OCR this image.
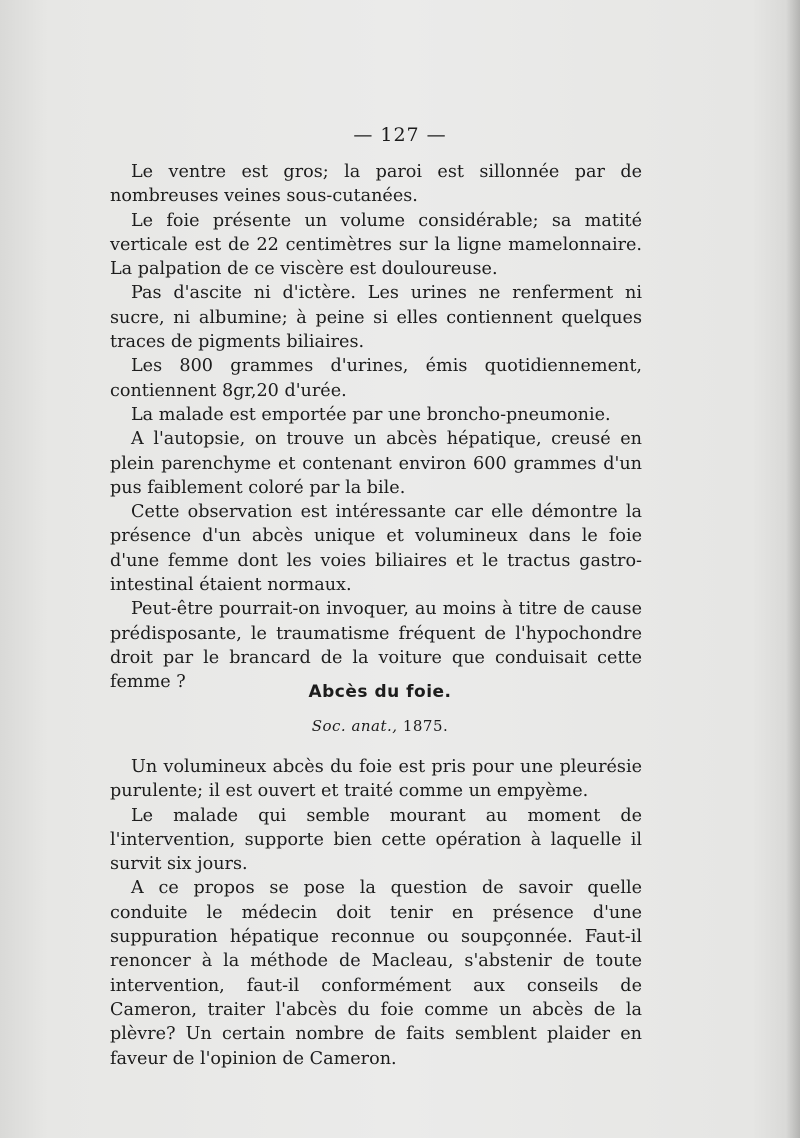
— 127 —

Le ventre est gros; la paroi est sillonnée par de nombreuses veines sous-cutanées.

Le foie présente un volume considérable; sa matité verticale est de 22 centimètres sur la ligne mamelonnaire. La palpation de ce viscère est douloureuse.

Pas d'ascite ni d'ictère. Les urines ne renferment ni sucre, ni albumine; à peine si elles contiennent quelques traces de pigments biliaires.

Les 800 grammes d'urines, émis quotidiennement, contiennent 8gr,20 d'urée.

La malade est emportée par une broncho-pneumonie.

A l'autopsie, on trouve un abcès hépatique, creusé en plein parenchyme et contenant environ 600 grammes d'un pus faiblement coloré par la bile.

Cette observation est intéressante car elle démontre la présence d'un abcès unique et volumineux dans le foie d'une femme dont les voies biliaires et le tractus gastro-intestinal étaient normaux.

Peut-être pourrait-on invoquer, au moins à titre de cause prédisposante, le traumatisme fréquent de l'hypochondre droit par le brancard de la voiture que conduisait cette femme ?	Abcès du foie.
Soc. anat., 1875.

Un volumineux abcès du foie est pris pour une pleurésie purulente; il est ouvert et traité comme un empyème.

Le malade qui semble mourant au moment de l'intervention, supporte bien cette opération à laquelle il survit six jours.

A ce propos se pose la question de savoir quelle conduite le médecin doit tenir en présence d'une suppuration hépatique reconnue ou soupçonnée. Faut-il renoncer à la méthode de Macleau, s'abstenir de toute intervention, faut-il conformément aux conseils de Cameron, traiter l'abcès du foie comme un abcès de la plèvre? Un certain nombre de faits semblent plaider en faveur de l'opinion de Cameron.
